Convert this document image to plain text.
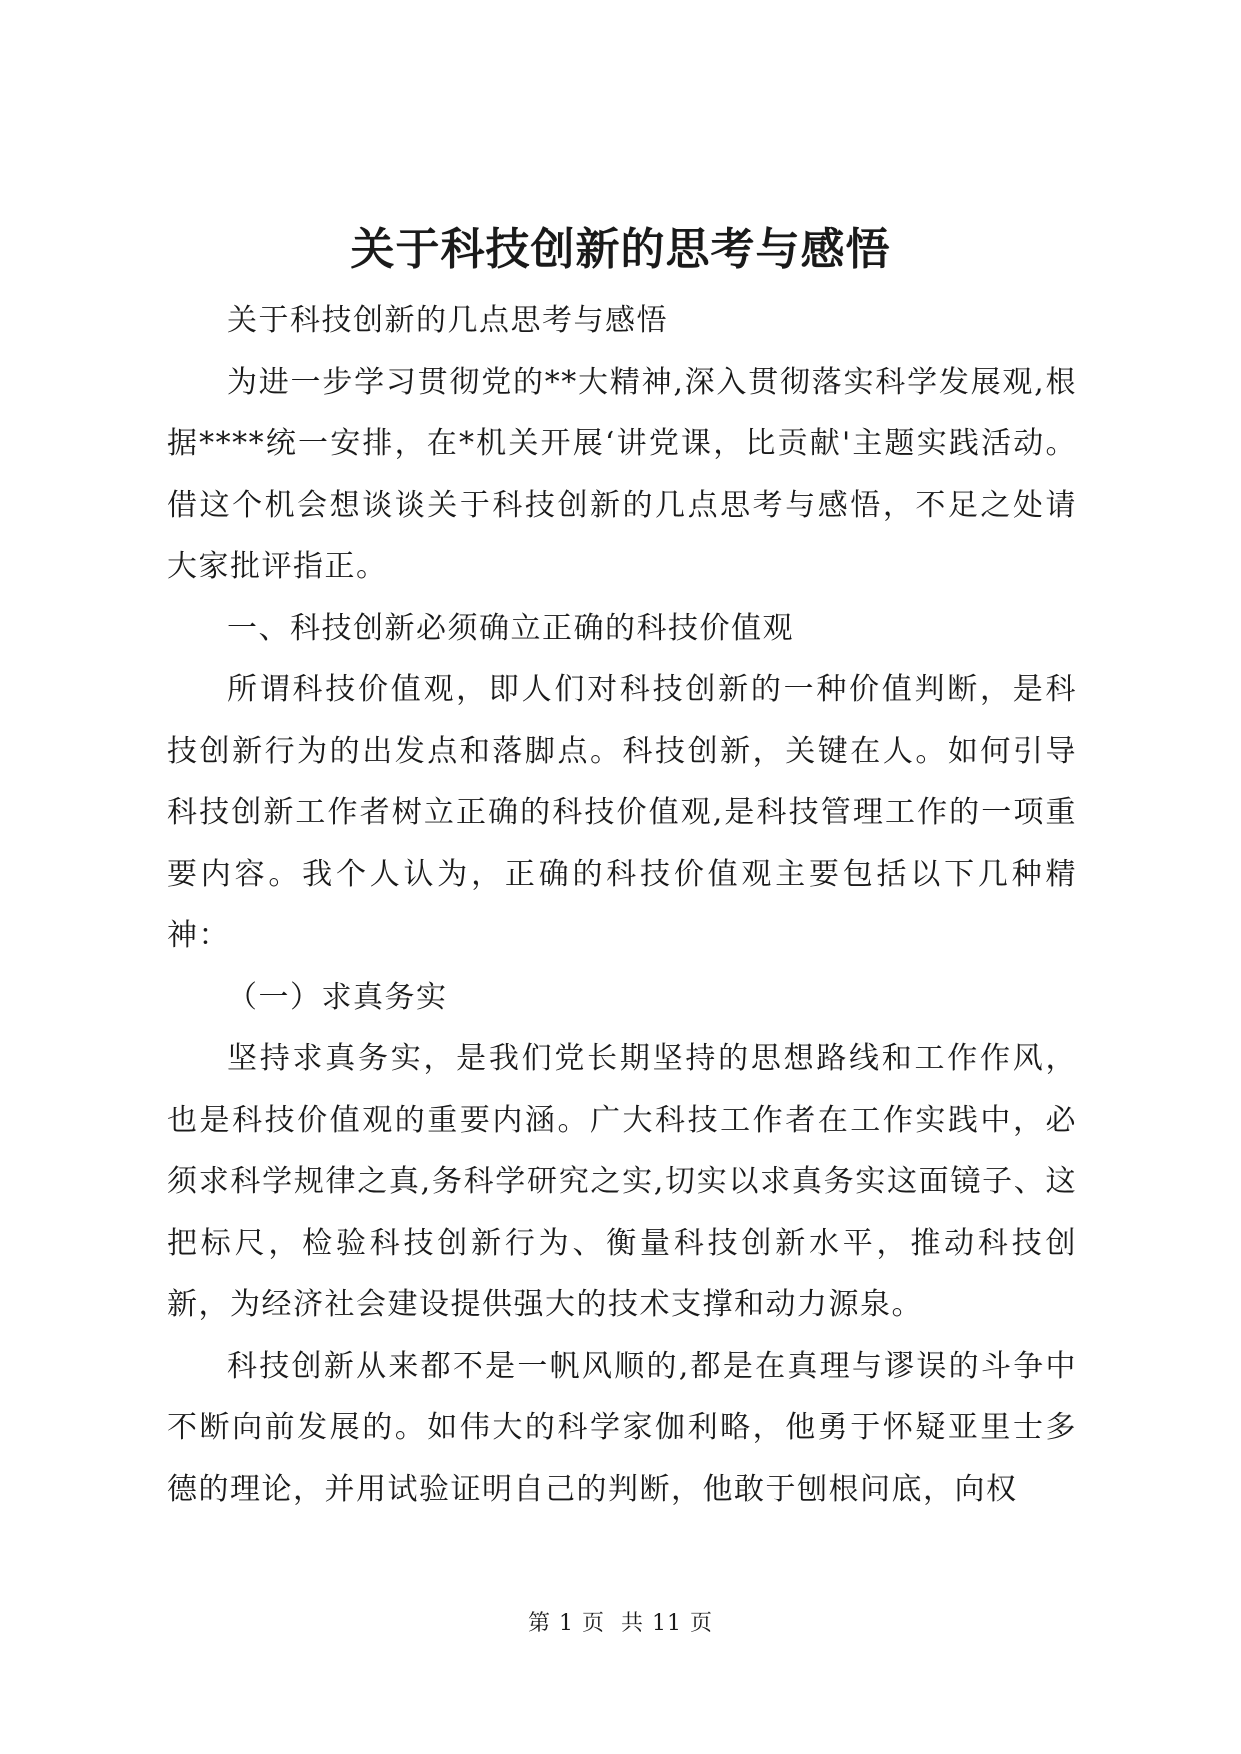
关于科技创新的思考与感悟

关于科技创新的几点思考与感悟

为进一步学习贯彻党的**大精神,深入贯彻落实科学发展观,根据****统一安排，在*机关开展‘讲党课，比贡献'主题实践活动。借这个机会想谈谈关于科技创新的几点思考与感悟，不足之处请大家批评指正。

一、科技创新必须确立正确的科技价值观

所谓科技价值观，即人们对科技创新的一种价值判断，是科技创新行为的出发点和落脚点。科技创新，关键在人。如何引导科技创新工作者树立正确的科技价值观,是科技管理工作的一项重要内容。我个人认为，正确的科技价值观主要包括以下几种精神：

（一）求真务实

坚持求真务实，是我们党长期坚持的思想路线和工作作风，也是科技价值观的重要内涵。广大科技工作者在工作实践中，必须求科学规律之真,务科学研究之实,切实以求真务实这面镜子、这把标尺，检验科技创新行为、衡量科技创新水平，推动科技创新，为经济社会建设提供强大的技术支撑和动力源泉。

科技创新从来都不是一帆风顺的,都是在真理与谬误的斗争中不断向前发展的。如伟大的科学家伽利略，他勇于怀疑亚里士多德的理论，并用试验证明自己的判断，他敢于刨根问底，向权

第 1 页  共 11 页
